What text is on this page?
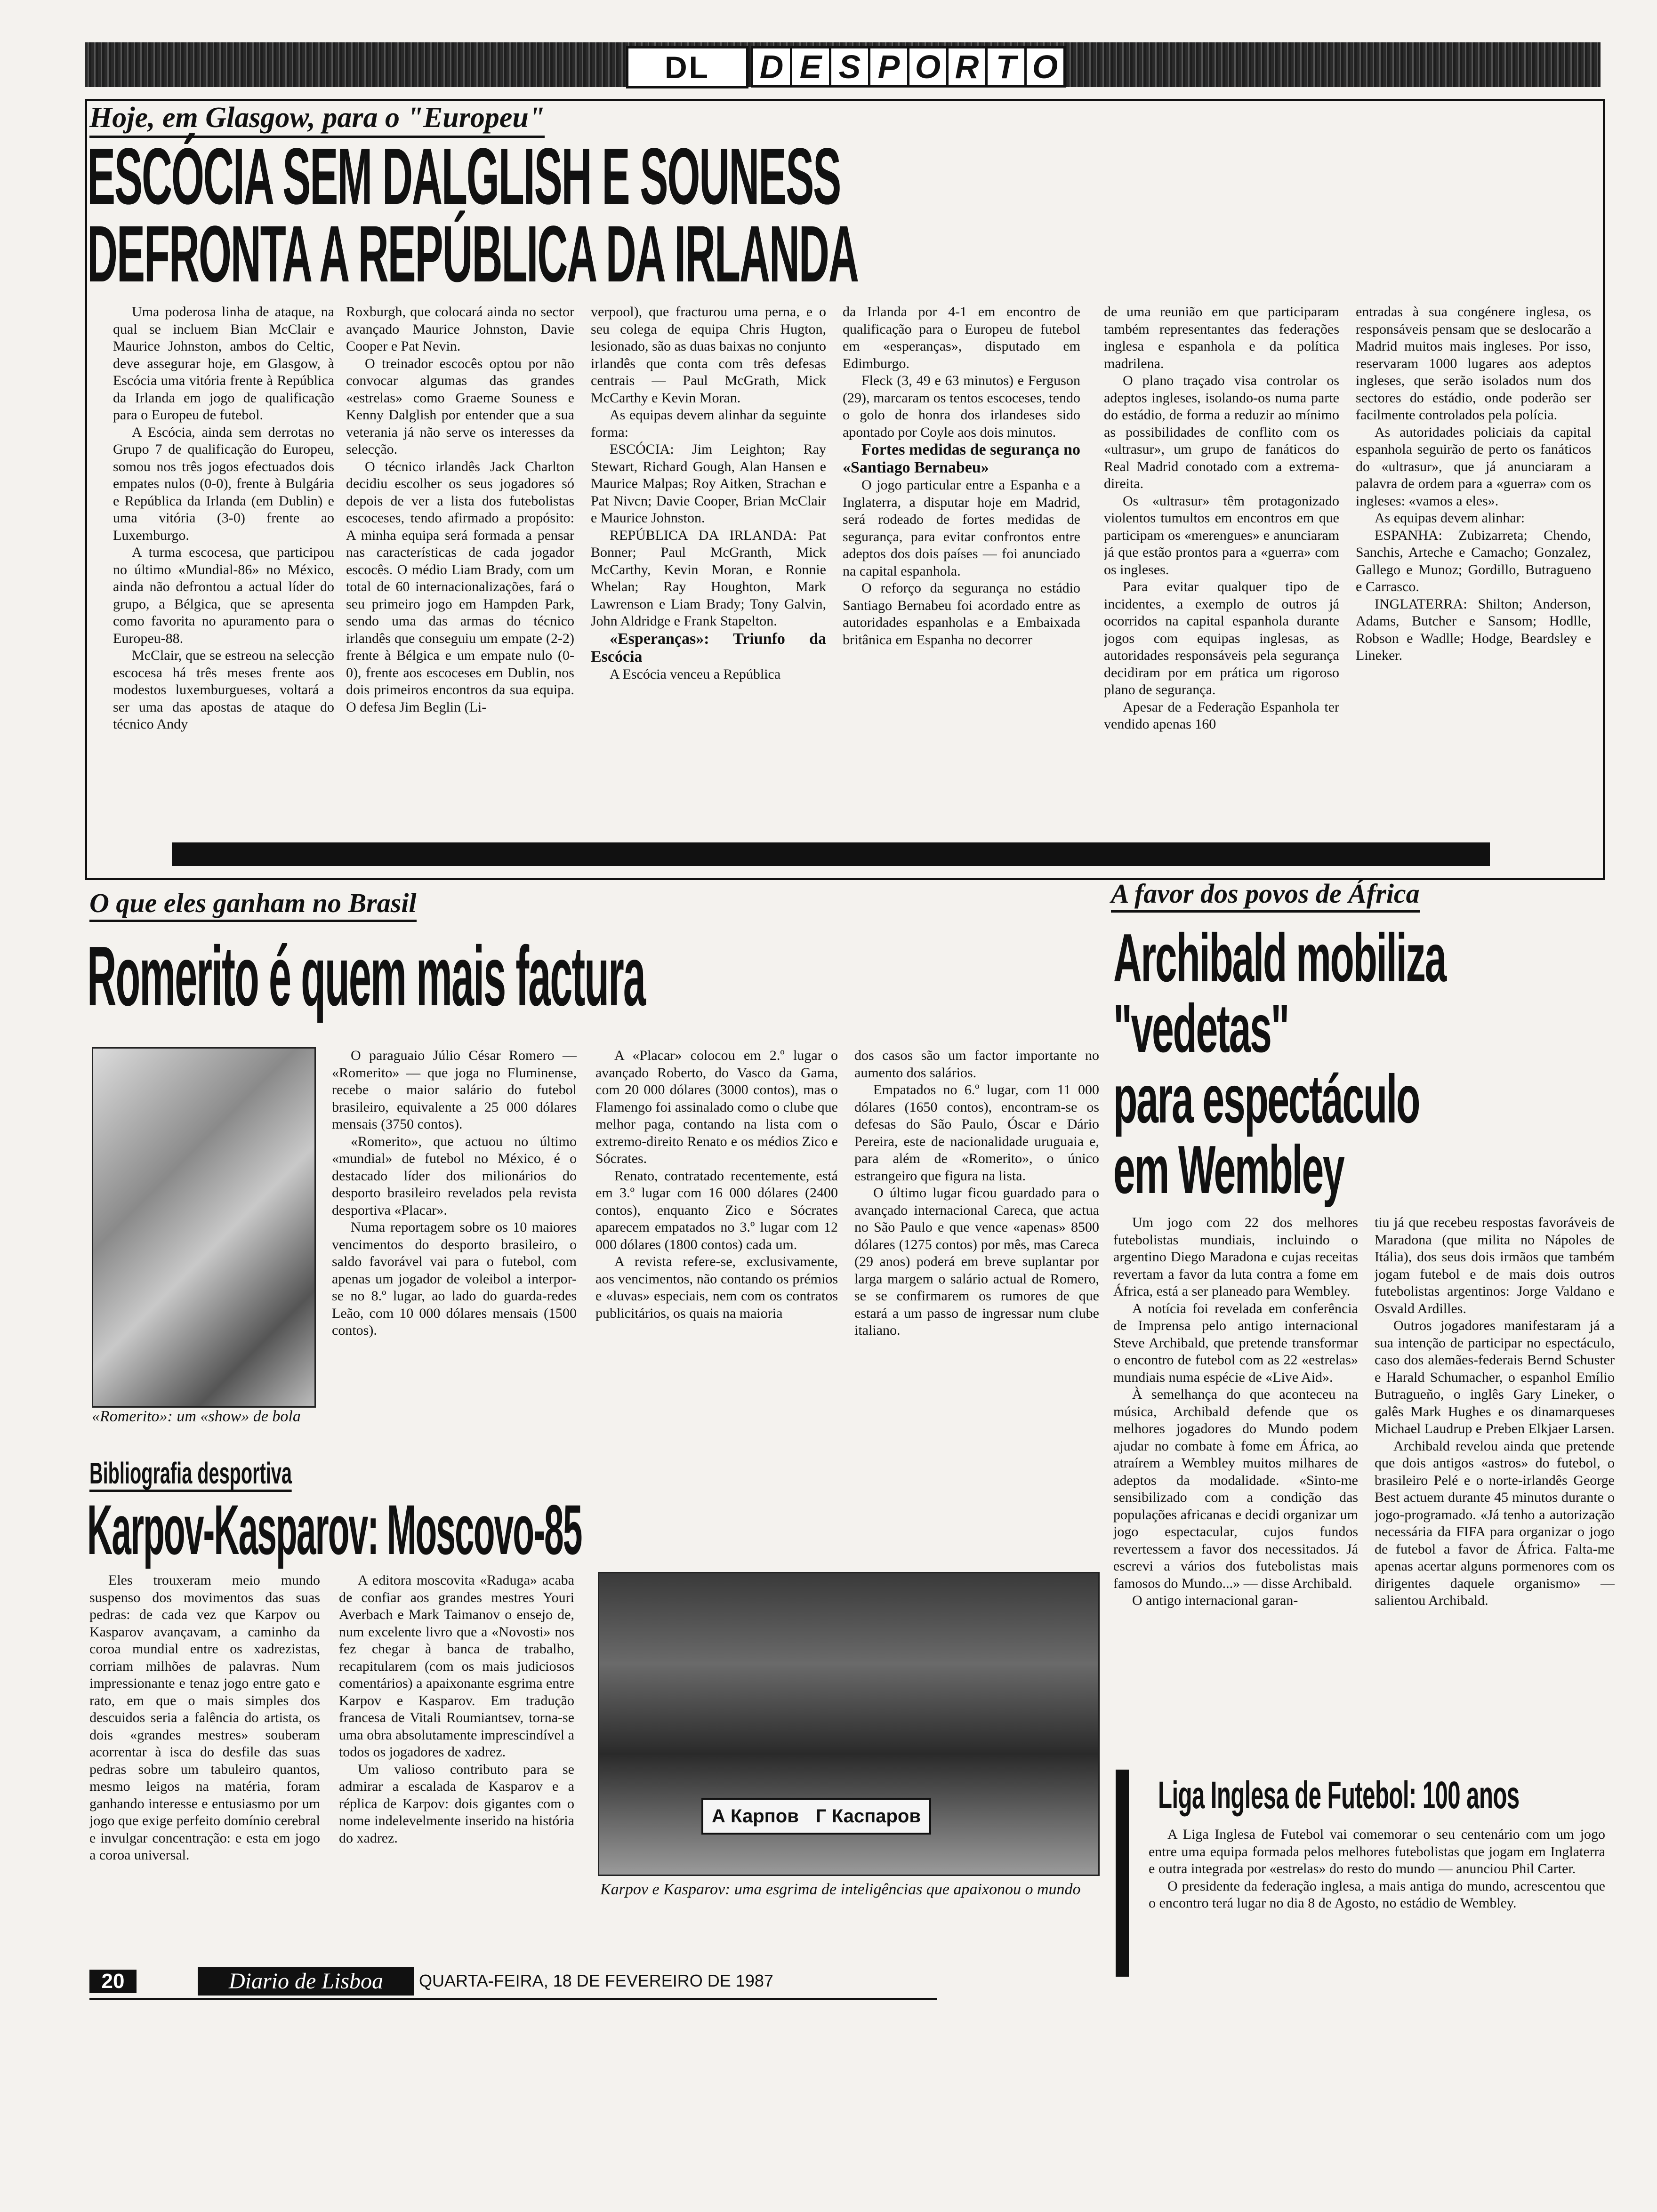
DL	D E S P O R T O
Hoje, em Glasgow, para o "Europeu"
ESCÓCIA SEM DALGLISH E SOUNESS
DEFRONTA A REPÚBLICA DA IRLANDA

Uma poderosa linha de ataque, na qual se incluem Bian McClair e Maurice Johnston, ambos do Celtic, deve assegurar hoje, em Glasgow, à Escócia uma vitória frente à República da Irlanda em jogo de qualificação para o Europeu de futebol.

A Escócia, ainda sem derrotas no Grupo 7 de qualificação do Europeu, somou nos três jogos efectuados dois empates nulos (0-0), frente à Bulgária e República da Irlanda (em Dublin) e uma vitória (3-0) frente ao Luxemburgo.

A turma escocesa, que participou no último «Mundial-86» no México, ainda não defrontou a actual líder do grupo, a Bélgica, que se apresenta como favorita no apuramento para o Europeu-88.

McClair, que se estreou na selecção escocesa há três meses frente aos modestos luxemburgueses, voltará a ser uma das apostas de ataque do técnico Andy

Roxburgh, que colocará ainda no sector avançado Maurice Johnston, Davie Cooper e Pat Nevin.

O treinador escocês optou por não convocar algumas das grandes «estrelas» como Graeme Souness e Kenny Dalglish por entender que a sua veterania já não serve os interesses da selecção.

O técnico irlandês Jack Charlton decidiu escolher os seus jogadores só depois de ver a lista dos futebolistas escoceses, tendo afirmado a propósito: A minha equipa será formada a pensar nas características de cada jogador escocês. O médio Liam Brady, com um total de 60 internacionalizações, fará o seu primeiro jogo em Hampden Park, sendo uma das armas do técnico irlandês que conseguiu um empate (2-2) frente à Bélgica e um empate nulo (0-0), frente aos escoceses em Dublin, nos dois primeiros encontros da sua equipa. O defesa Jim Beglin (Li-

verpool), que fracturou uma perna, e o seu colega de equipa Chris Hugton, lesionado, são as duas baixas no conjunto irlandês que conta com três defesas centrais — Paul McGrath, Mick McCarthy e Kevin Moran.

As equipas devem alinhar da seguinte forma:

ESCÓCIA: Jim Leighton; Ray Stewart, Richard Gough, Alan Hansen e Maurice Malpas; Roy Aitken, Strachan e Pat Nivcn; Davie Cooper, Brian McClair e Maurice Johnston.

REPÚBLICA DA IRLANDA: Pat Bonner; Paul McGranth, Mick McCarthy, Kevin Moran, e Ronnie Whelan; Ray Houghton, Mark Lawrenson e Liam Brady; Tony Galvin, John Aldridge e Frank Stapelton.

«Esperanças»: Triunfo da Escócia

A Escócia venceu a República

da Irlanda por 4-1 em encontro de qualificação para o Europeu de futebol em «esperanças», disputado em Edimburgo.

Fleck (3, 49 e 63 minutos) e Ferguson (29), marcaram os tentos escoceses, tendo o golo de honra dos irlandeses sido apontado por Coyle aos dois minutos.

Fortes medidas de segurança no «Santiago Bernabeu»

O jogo particular entre a Espanha e a Inglaterra, a disputar hoje em Madrid, será rodeado de fortes medidas de segurança, para evitar confrontos entre adeptos dos dois países — foi anunciado na capital espanhola.

O reforço da segurança no estádio Santiago Bernabeu foi acordado entre as autoridades espanholas e a Embaixada britânica em Espanha no decorrer

de uma reunião em que participaram também representantes das federações inglesa e espanhola e da política madrilena.

O plano traçado visa controlar os adeptos ingleses, isolando-os numa parte do estádio, de forma a reduzir ao mínimo as possibilidades de conflito com os «ultrasur», um grupo de fanáticos do Real Madrid conotado com a extrema-direita.

Os «ultrasur» têm protagonizado violentos tumultos em encontros em que participam os «merengues» e anunciaram já que estão prontos para a «guerra» com os ingleses.

Para evitar qualquer tipo de incidentes, a exemplo de outros já ocorridos na capital espanhola durante jogos com equipas inglesas, as autoridades responsáveis pela segurança decidiram por em prática um rigoroso plano de segurança.

Apesar de a Federação Espanhola ter vendido apenas 160

entradas à sua congénere inglesa, os responsáveis pensam que se deslocarão a Madrid muitos mais ingleses. Por isso, reservaram 1000 lugares aos adeptos ingleses, que serão isolados num dos sectores do estádio, onde poderão ser facilmente controlados pela polícia.

As autoridades policiais da capital espanhola seguirão de perto os fanáticos do «ultrasur», que já anunciaram a palavra de ordem para a «guerra» com os ingleses: «vamos a eles».

As equipas devem alinhar:

ESPANHA: Zubizarreta; Chendo, Sanchis, Arteche e Camacho; Gonzalez, Gallego e Munoz; Gordillo, Butragueno e Carrasco.

INGLATERRA: Shilton; Anderson, Adams, Butcher e Sansom; Hodlle, Robson e Wadlle; Hodge, Beardsley e Lineker.

O que eles ganham no Brasil
Romerito é quem mais factura
«Romerito»: um «show» de bola

O paraguaio Júlio César Romero — «Romerito» — que joga no Fluminense, recebe o maior salário do futebol brasileiro, equivalente a 25 000 dólares mensais (3750 contos).

«Romerito», que actuou no último «mundial» de futebol no México, é o destacado líder dos milionários do desporto brasileiro revelados pela revista desportiva «Placar».

Numa reportagem sobre os 10 maiores vencimentos do desporto brasileiro, o saldo favorável vai para o futebol, com apenas um jogador de voleibol a interpor-se no 8.º lugar, ao lado do guarda-redes Leão, com 10 000 dólares mensais (1500 contos).

A «Placar» colocou em 2.º lugar o avançado Roberto, do Vasco da Gama, com 20 000 dólares (3000 contos), mas o Flamengo foi assinalado como o clube que melhor paga, contando na lista com o extremo-direito Renato e os médios Zico e Sócrates.

Renato, contratado recentemente, está em 3.º lugar com 16 000 dólares (2400 contos), enquanto Zico e Sócrates aparecem empatados no 3.º lugar com 12 000 dólares (1800 contos) cada um.

A revista refere-se, exclusivamente, aos vencimentos, não contando os prémios e «luvas» especiais, nem com os contratos publicitários, os quais na maioria

dos casos são um factor importante no aumento dos salários.

Empatados no 6.º lugar, com 11 000 dólares (1650 contos), encontram-se os defesas do São Paulo, Óscar e Dário Pereira, este de nacionalidade uruguaia e, para além de «Romerito», o único estrangeiro que figura na lista.

O último lugar ficou guardado para o avançado internacional Careca, que actua no São Paulo e que vence «apenas» 8500 dólares (1275 contos) por mês, mas Careca (29 anos) poderá em breve suplantar por larga margem o salário actual de Romero, se se confirmarem os rumores de que estará a um passo de ingressar num clube italiano.

A favor dos povos de África
Archibald mobiliza
"vedetas"
para espectáculo
em Wembley

Um jogo com 22 dos melhores futebolistas mundiais, incluindo o argentino Diego Maradona e cujas receitas revertam a favor da luta contra a fome em África, está a ser planeado para Wembley.

A notícia foi revelada em conferência de Imprensa pelo antigo internacional Steve Archibald, que pretende transformar o encontro de futebol com as 22 «estrelas» mundiais numa espécie de «Live Aid».

À semelhança do que aconteceu na música, Archibald defende que os melhores jogadores do Mundo podem ajudar no combate à fome em África, ao atraírem a Wembley muitos milhares de adeptos da modalidade. «Sinto-me sensibilizado com a condição das populações africanas e decidi organizar um jogo espectacular, cujos fundos revertessem a favor dos necessitados. Já escrevi a vários dos futebolistas mais famosos do Mundo...» — disse Archibald.

O antigo internacional garan-

tiu já que recebeu respostas favoráveis de Maradona (que milita no Nápoles de Itália), dos seus dois irmãos que também jogam futebol e de mais dois outros futebolistas argentinos: Jorge Valdano e Osvald Ardilles.

Outros jogadores manifestaram já a sua intenção de participar no espectáculo, caso dos alemães-federais Bernd Schuster e Harald Schumacher, o espanhol Emílio Butragueño, o inglês Gary Lineker, o galês Mark Hughes e os dinamarqueses Michael Laudrup e Preben Elkjaer Larsen.

Archibald revelou ainda que pretende que dois antigos «astros» do futebol, o brasileiro Pelé e o norte-irlandês George Best actuem durante 45 minutos durante o jogo-programado. «Já tenho a autorização necessária da FIFA para organizar o jogo de futebol a favor de África. Falta-me apenas acertar alguns pormenores com os dirigentes daquele organismo» — salientou Archibald.

Bibliografia desportiva
Karpov-Kasparov: Moscovo-85

Eles trouxeram meio mundo suspenso dos movimentos das suas pedras: de cada vez que Karpov ou Kasparov avançavam, a caminho da coroa mundial entre os xadrezistas, corriam milhões de palavras. Num impressionante e tenaz jogo entre gato e rato, em que o mais simples dos descuidos seria a falência do artista, os dois «grandes mestres» souberam acorrentar à isca do desfile das suas pedras sobre um tabuleiro quantos, mesmo leigos na matéria, foram ganhando interesse e entusiasmo por um jogo que exige perfeito domínio cerebral e invulgar concentração: e esta em jogo a coroa universal.

A editora moscovita «Raduga» acaba de confiar aos grandes mestres Youri Averbach e Mark Taimanov o ensejo de, num excelente livro que a «Novosti» nos fez chegar à banca de trabalho, recapitularem (com os mais judiciosos comentários) a apaixonante esgrima entre Karpov e Kasparov. Em tradução francesa de Vitali Roumiantsev, torna-se uma obra absolutamente imprescindível a todos os jogadores de xadrez.

Um valioso contributo para se admirar a escalada de Kasparov e a réplica de Karpov: dois gigantes com o nome indelevelmente inserido na história do xadrez.

А Карпов Г Каспаров
Karpov e Kasparov: uma esgrima de inteligências que apaixonou o mundo
Liga Inglesa de Futebol: 100 anos

A Liga Inglesa de Futebol vai comemorar o seu centenário com um jogo entre uma equipa formada pelos melhores futebolistas que jogam em Inglaterra e outra integrada por «estrelas» do resto do mundo — anunciou Phil Carter.

O presidente da federação inglesa, a mais antiga do mundo, acrescentou que o encontro terá lugar no dia 8 de Agosto, no estádio de Wembley.

20	Diario de Lisboa	QUARTA-FEIRA, 18 DE FEVEREIRO DE 1987
